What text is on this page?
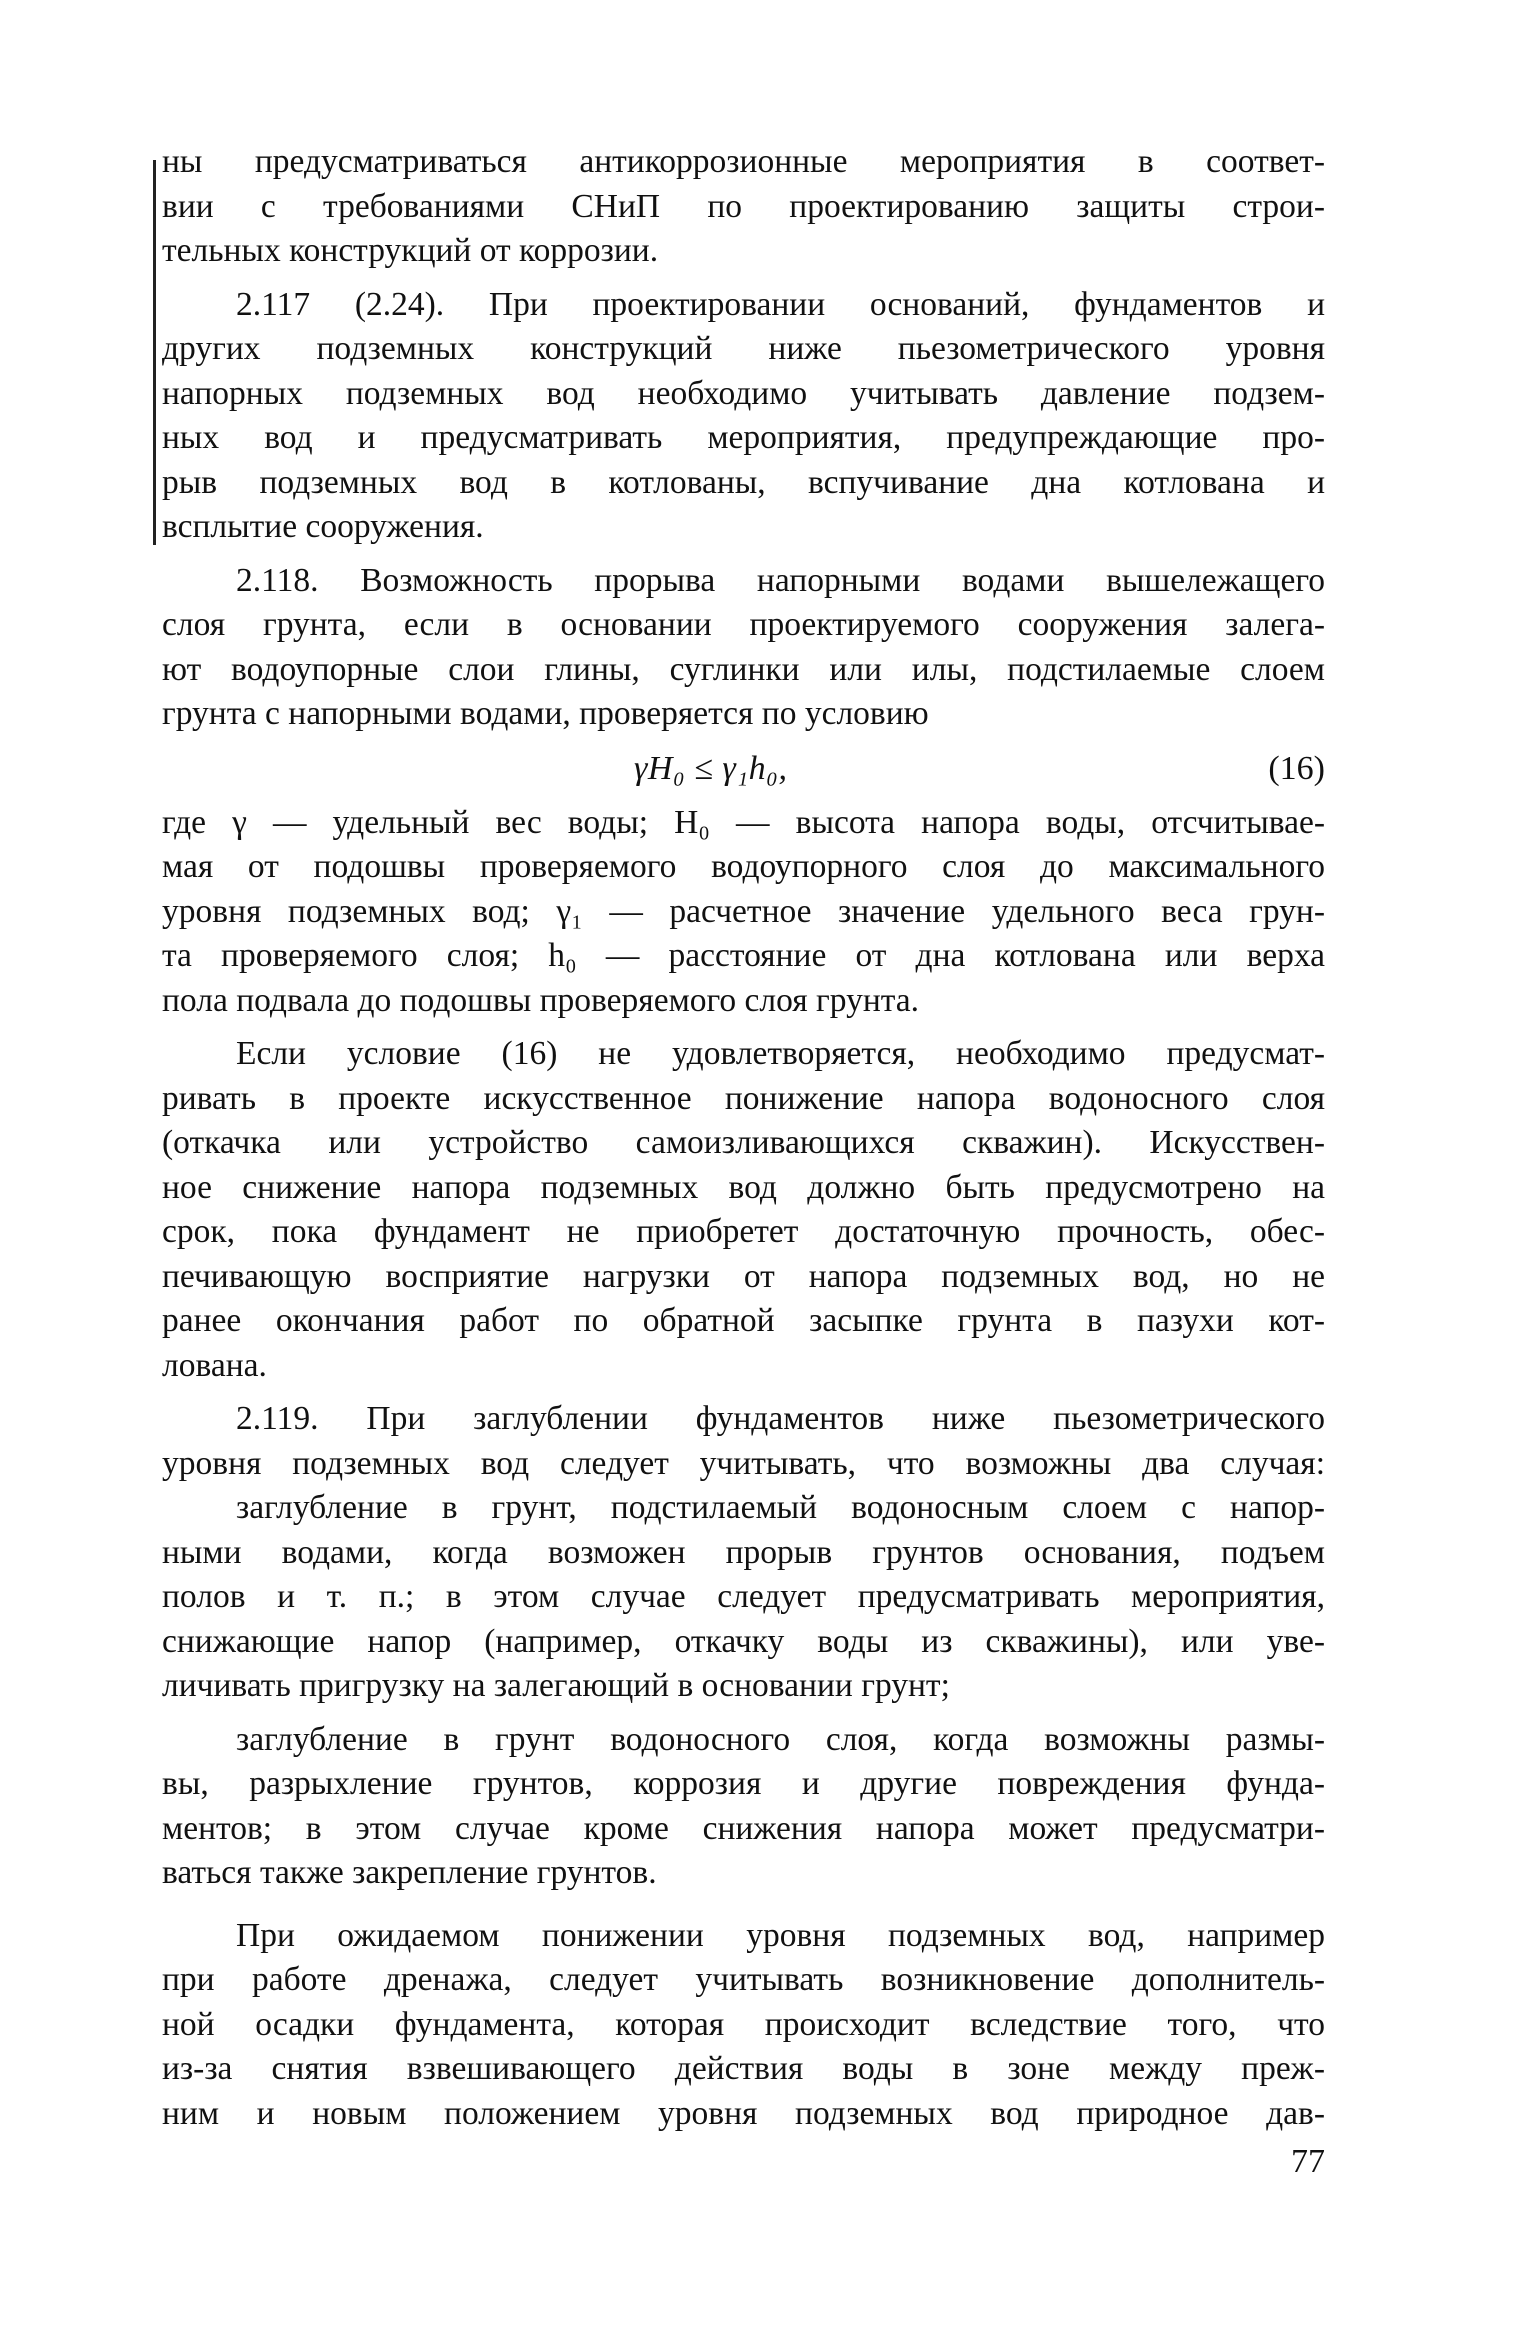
ны предусматриваться антикоррозионные мероприятия в соответ-
вии с требованиями СНиП по проектированию защиты строи-
тельных конструкций от коррозии.
2.117 (2.24). При проектировании оснований, фундаментов и
других подземных конструкций ниже пьезометрического уровня
напорных подземных вод необходимо учитывать давление подзем-
ных вод и предусматривать мероприятия, предупреждающие про-
рыв подземных вод в котлованы, вспучивание дна котлована и
всплытие сооружения.
2.118. Возможность прорыва напорными водами вышележащего
слоя грунта, если в основании проектируемого сооружения залега-
ют водоупорные слои глины, суглинки или илы, подстилаемые слоем
грунта с напорными водами, проверяется по условию
γH₀ ≤ γ₁h₀,	(16)
где γ — удельный вес воды; H₀ — высота напора воды, отсчитывае-
мая от подошвы проверяемого водоупорного слоя до максимального
уровня подземных вод; γ₁ — расчетное значение удельного веса грун-
та проверяемого слоя; h₀ — расстояние от дна котлована или верха
пола подвала до подошвы проверяемого слоя грунта.
Если условие (16) не удовлетворяется, необходимо предусмат-
ривать в проекте искусственное понижение напора водоносного слоя
(откачка или устройство самоизливающихся скважин). Искусствен-
ное снижение напора подземных вод должно быть предусмотрено на
срок, пока фундамент не приобретет достаточную прочность, обес-
печивающую восприятие нагрузки от напора подземных вод, но не
ранее окончания работ по обратной засыпке грунта в пазухи кот-
лована.
2.119. При заглублении фундаментов ниже пьезометрического
уровня подземных вод следует учитывать, что возможны два случая:
заглубление в грунт, подстилаемый водоносным слоем с напор-
ными водами, когда возможен прорыв грунтов основания, подъем
полов и т. п.; в этом случае следует предусматривать мероприятия,
снижающие напор (например, откачку воды из скважины), или уве-
личивать пригрузку на залегающий в основании грунт;
заглубление в грунт водоносного слоя, когда возможны размы-
вы, разрыхление грунтов, коррозия и другие повреждения фунда-
ментов; в этом случае кроме снижения напора может предусматри-
ваться также закрепление грунтов.
При ожидаемом понижении уровня подземных вод, например
при работе дренажа, следует учитывать возникновение дополнитель-
ной осадки фундамента, которая происходит вследствие того, что
из-за снятия взвешивающего действия воды в зоне между преж-
ним и новым положением уровня подземных вод природное дав-
77
